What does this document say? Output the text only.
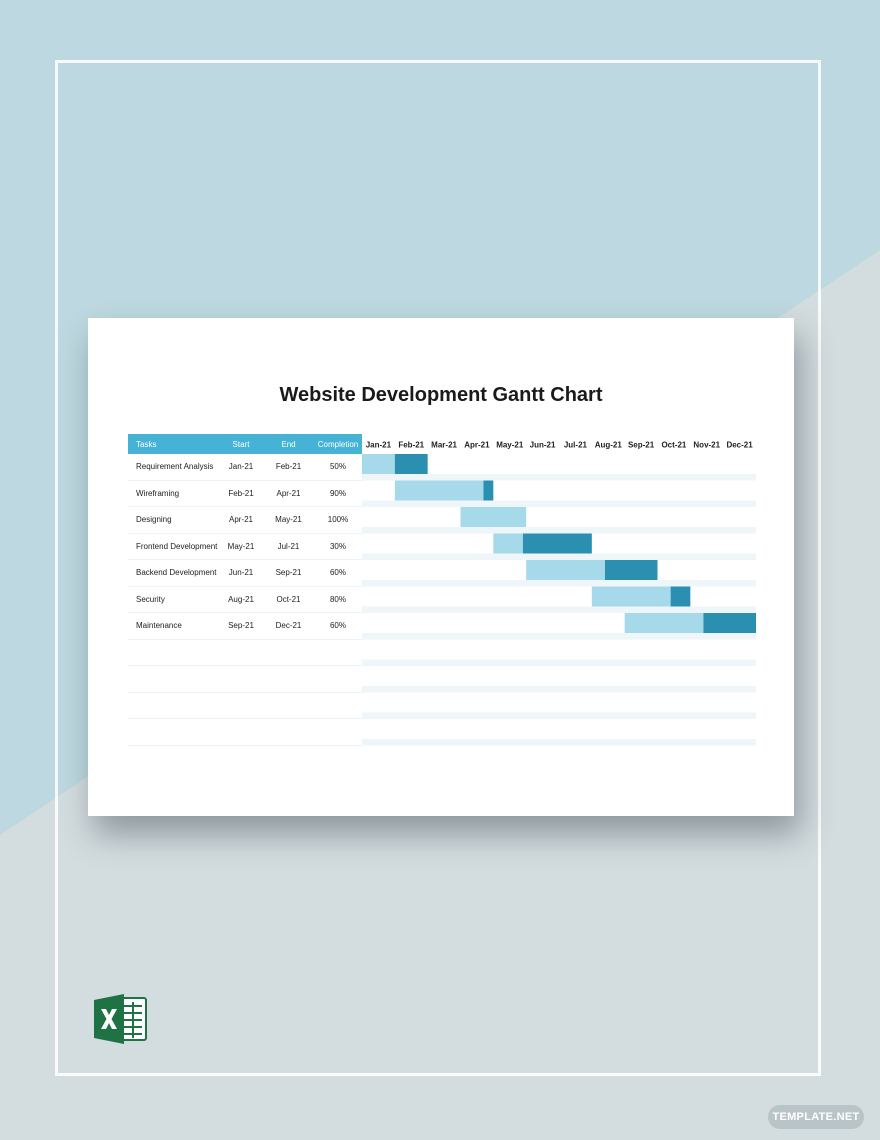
Website Development Gantt Chart
Tasks	Start	End	Completion
Requirement Analysis	Jan-21	Feb-21	50%
Wireframing	Feb-21	Apr-21	90%
Designing	Apr-21	May-21	100%
Frontend Development	May-21	Jul-21	30%
Backend Development	Jun-21	Sep-21	60%
Security	Aug-21	Oct-21	80%
Maintenance	Sep-21	Dec-21	60%
Jan-21 Feb-21 Mar-21 Apr-21 May-21 Jun-21 Jul-21 Aug-21 Sep-21 Oct-21 Nov-21 Dec-21
TEMPLATE.NET
